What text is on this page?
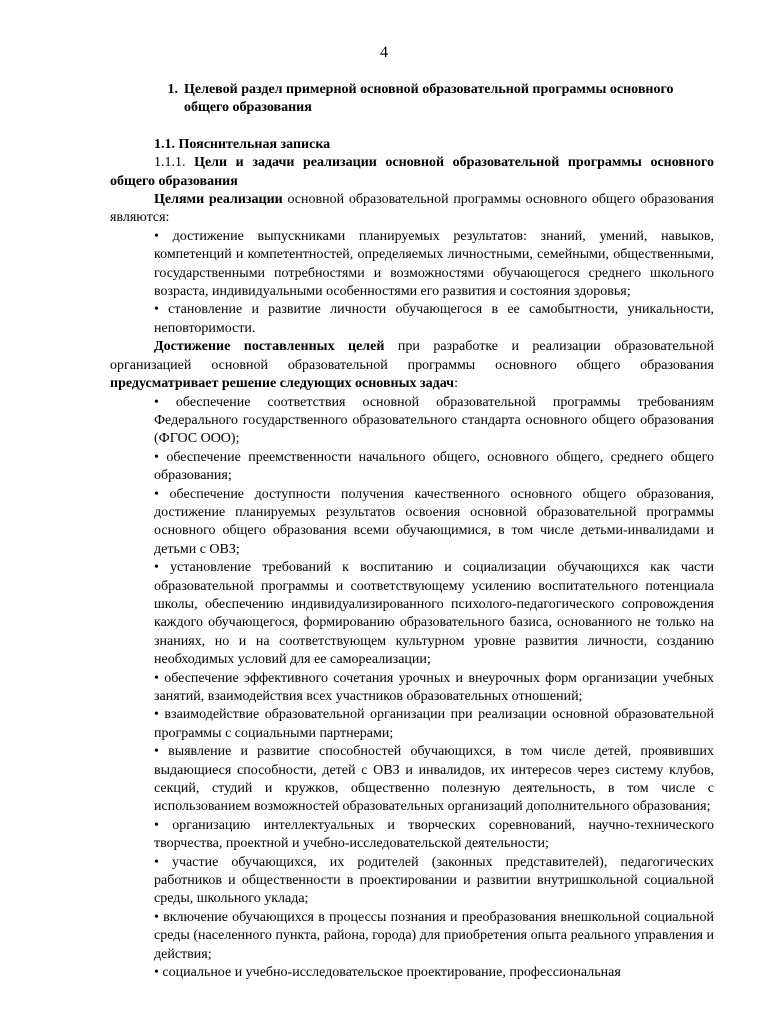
4

1. Целевой раздел примерной основной образовательной программы основного общего образования

1.1. Пояснительная записка

1.1.1. Цели и задачи реализации основной образовательной программы основного общего образования

Целями реализации основной образовательной программы основного общего образования являются:

• достижение выпускниками планируемых результатов: знаний, умений, навыков, компетенций и компетентностей, определяемых личностными, семейными, общественными, государственными потребностями и возможностями обучающегося среднего школьного возраста, индивидуальными особенностями его развития и состояния здоровья;

• становление и развитие личности обучающегося в ее самобытности, уникальности, неповторимости.

Достижение поставленных целей при разработке и реализации образовательной организацией основной образовательной программы основного общего образования предусматривает решение следующих основных задач:

• обеспечение соответствия основной образовательной программы требованиям Федерального государственного образовательного стандарта основного общего образования (ФГОС ООО);

• обеспечение преемственности начального общего, основного общего, среднего общего образования;

• обеспечение доступности получения качественного основного общего образования, достижение планируемых результатов освоения основной образовательной программы основного общего образования всеми обучающимися, в том числе детьми-инвалидами и детьми с ОВЗ;

• установление требований к воспитанию и социализации обучающихся как части образовательной программы и соответствующему усилению воспитательного потенциала школы, обеспечению индивидуализированного психолого-педагогического сопровождения каждого обучающегося, формированию образовательного базиса, основанного не только на знаниях, но и на соответствующем культурном уровне развития личности, созданию необходимых условий для ее самореализации;

• обеспечение эффективного сочетания урочных и внеурочных форм организации учебных занятий, взаимодействия всех участников образовательных отношений;

• взаимодействие образовательной организации при реализации основной образовательной программы с социальными партнерами;

• выявление и развитие способностей обучающихся, в том числе детей, проявивших выдающиеся способности, детей с ОВЗ и инвалидов, их интересов через систему клубов, секций, студий и кружков, общественно полезную деятельность, в том числе с использованием возможностей образовательных организаций дополнительного образования;

• организацию интеллектуальных и творческих соревнований, научно-технического творчества, проектной и учебно-исследовательской деятельности;

• участие обучающихся, их родителей (законных представителей), педагогических работников и общественности в проектировании и развитии внутришкольной социальной среды, школьного уклада;

• включение обучающихся в процессы познания и преобразования внешкольной социальной среды (населенного пункта, района, города) для приобретения опыта реального управления и действия;

• социальное и учебно-исследовательское проектирование, профессиональная
